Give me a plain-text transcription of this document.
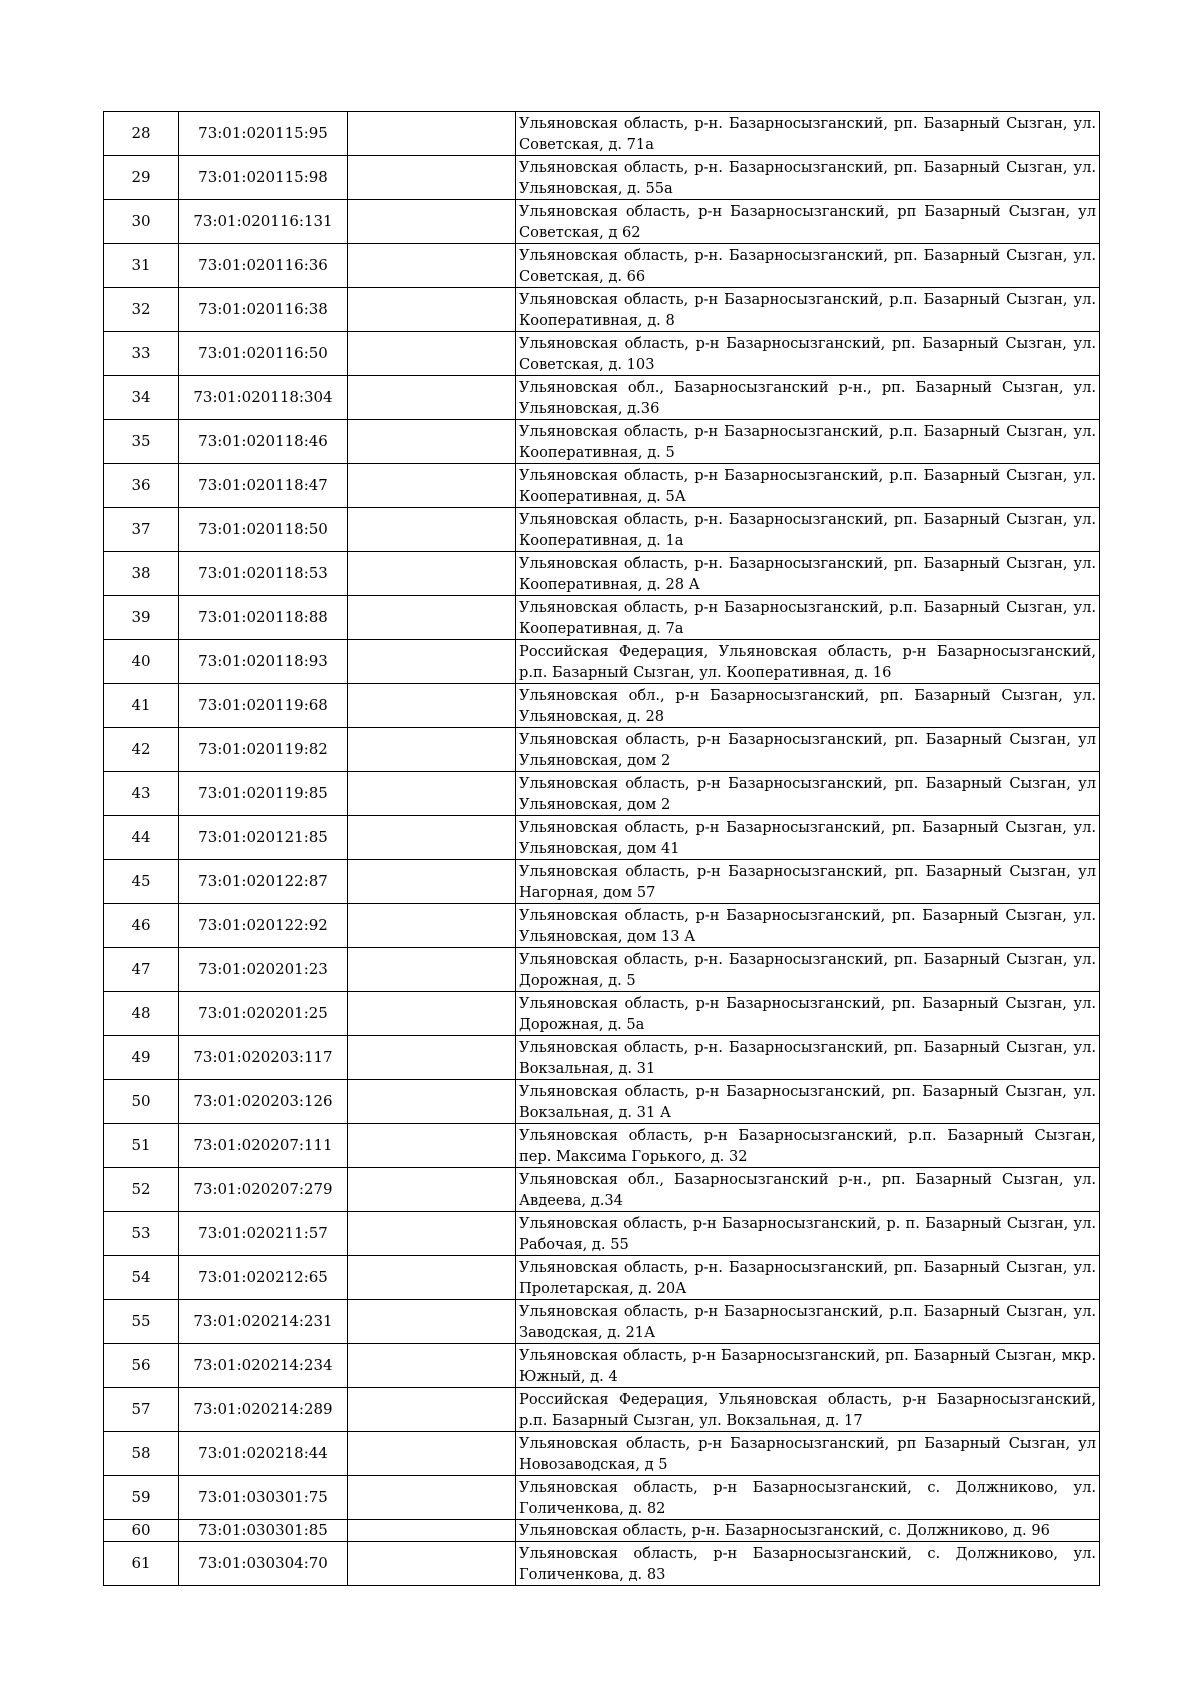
28	73:01:020115:95		Ульяновская область, р-н. Базарносызганский, рп. Базарный Сызган, ул. Советская, д. 71а
29	73:01:020115:98		Ульяновская область, р-н. Базарносызганский, рп. Базарный Сызган, ул. Ульяновская, д. 55а
30	73:01:020116:131		Ульяновская область, р-н Базарносызганский, рп Базарный Сызган, ул Советская, д 62
31	73:01:020116:36		Ульяновская область, р-н. Базарносызганский, рп. Базарный Сызган, ул. Советская, д. 66
32	73:01:020116:38		Ульяновская область, р-н Базарносызганский, р.п. Базарный Сызган, ул. Кооперативная, д. 8
33	73:01:020116:50		Ульяновская область, р-н Базарносызганский, рп. Базарный Сызган, ул. Советская, д. 103
34	73:01:020118:304		Ульяновская обл., Базарносызганский р-н., рп. Базарный Сызган, ул. Ульяновская, д.36
35	73:01:020118:46		Ульяновская область, р-н Базарносызганский, р.п. Базарный Сызган, ул. Кооперативная, д. 5
36	73:01:020118:47		Ульяновская область, р-н Базарносызганский, р.п. Базарный Сызган, ул. Кооперативная, д. 5А
37	73:01:020118:50		Ульяновская область, р-н. Базарносызганский, рп. Базарный Сызган, ул. Кооперативная, д. 1а
38	73:01:020118:53		Ульяновская область, р-н. Базарносызганский, рп. Базарный Сызган, ул. Кооперативная, д. 28 А
39	73:01:020118:88		Ульяновская область, р-н Базарносызганский, р.п. Базарный Сызган, ул. Кооперативная, д. 7а
40	73:01:020118:93		Российская Федерация, Ульяновская область, р-н Базарносызганский, р.п. Базарный Сызган, ул. Кооперативная, д. 16
41	73:01:020119:68		Ульяновская обл., р-н Базарносызганский, рп. Базарный Сызган, ул. Ульяновская, д. 28
42	73:01:020119:82		Ульяновская область, р-н Базарносызганский, рп. Базарный Сызган, ул Ульяновская, дом 2
43	73:01:020119:85		Ульяновская область, р-н Базарносызганский, рп. Базарный Сызган, ул Ульяновская, дом 2
44	73:01:020121:85		Ульяновская область, р-н Базарносызганский, рп. Базарный Сызган, ул. Ульяновская, дом 41
45	73:01:020122:87		Ульяновская область, р-н Базарносызганский, рп. Базарный Сызган, ул Нагорная, дом 57
46	73:01:020122:92		Ульяновская область, р-н Базарносызганский, рп. Базарный Сызган, ул. Ульяновская, дом 13 А
47	73:01:020201:23		Ульяновская область, р-н. Базарносызганский, рп. Базарный Сызган, ул. Дорожная, д. 5
48	73:01:020201:25		Ульяновская область, р-н Базарносызганский, рп. Базарный Сызган, ул. Дорожная, д. 5а
49	73:01:020203:117		Ульяновская область, р-н. Базарносызганский, рп. Базарный Сызган, ул. Вокзальная, д. 31
50	73:01:020203:126		Ульяновская область, р-н Базарносызганский, рп. Базарный Сызган, ул. Вокзальная, д. 31 А
51	73:01:020207:111		Ульяновская область, р-н Базарносызганский, р.п. Базарный Сызган, пер. Максима Горького, д. 32
52	73:01:020207:279		Ульяновская обл., Базарносызганский р-н., рп. Базарный Сызган, ул. Авдеева, д.34
53	73:01:020211:57		Ульяновская область, р-н Базарносызганский, р. п. Базарный Сызган, ул. Рабочая, д. 55
54	73:01:020212:65		Ульяновская область, р-н. Базарносызганский, рп. Базарный Сызган, ул. Пролетарская, д. 20А
55	73:01:020214:231		Ульяновская область, р-н Базарносызганский, р.п. Базарный Сызган, ул. Заводская, д. 21А
56	73:01:020214:234		Ульяновская область, р-н Базарносызганский, рп. Базарный Сызган, мкр. Южный, д. 4
57	73:01:020214:289		Российская Федерация, Ульяновская область, р-н Базарносызганский, р.п. Базарный Сызган, ул. Вокзальная, д. 17
58	73:01:020218:44		Ульяновская область, р-н Базарносызганский, рп Базарный Сызган, ул Новозаводская, д 5
59	73:01:030301:75		Ульяновская область, р-н Базарносызганский, с. Должниково, ул. Голиченкова, д. 82
60	73:01:030301:85		Ульяновская область, р-н. Базарносызганский, с. Должниково, д. 96
61	73:01:030304:70		Ульяновская область, р-н Базарносызганский, с. Должниково, ул. Голиченкова, д. 83
